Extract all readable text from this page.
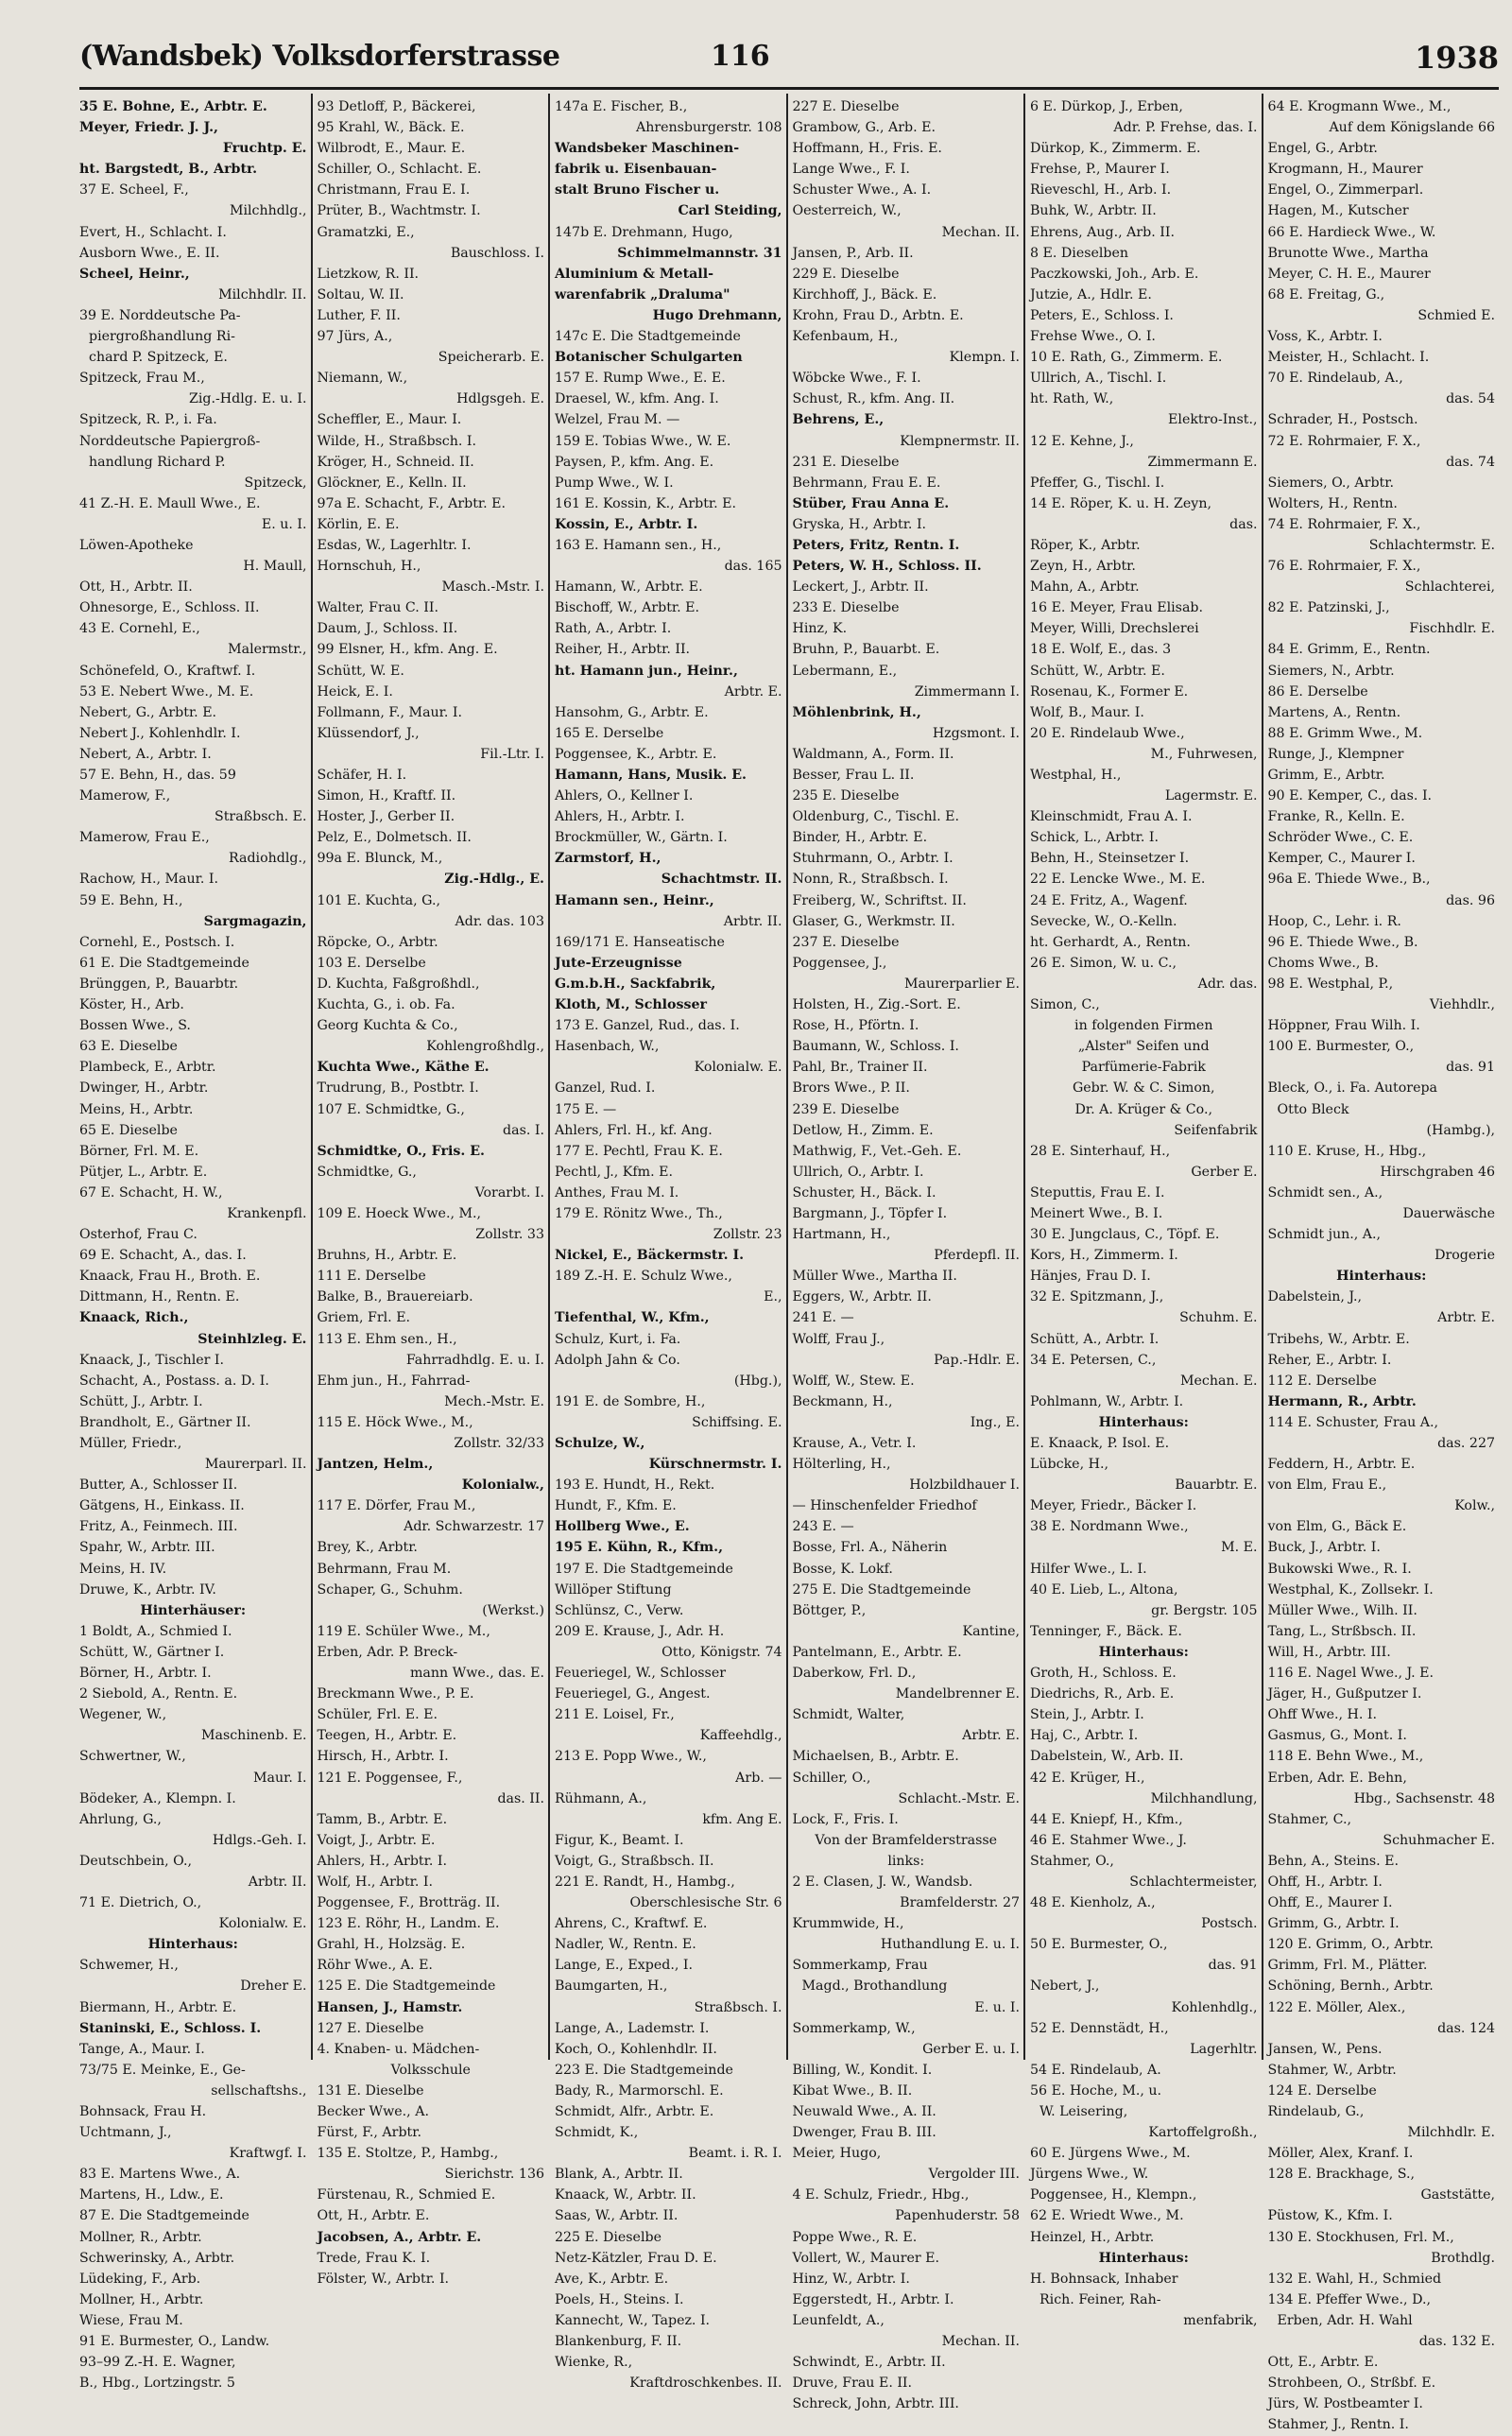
(Wandsbek) Volksdorferstrasse	116	1938
35 E. Bohne, E., Arbtr. E.
Meyer, Friedr. J. J.,
Fruchtp. E.
ht. Bargstedt, B., Arbtr.
37 E. Scheel, F.,
Milchhdlg.,
Evert, H., Schlacht. I.
Ausborn Wwe., E. II.
Scheel, Heinr.,
Milchhdlr. II.
39 E. Norddeutsche Pa-
piergroßhandlung Ri-
chard P. Spitzeck, E.
Spitzeck, Frau M.,
Zig.-Hdlg. E. u. I.
Spitzeck, R. P., i. Fa.
Norddeutsche Papiergroß-
handlung Richard P.
Spitzeck,
41 Z.-H. E. Maull Wwe., E.
E. u. I.
Löwen-Apotheke
H. Maull,
Ott, H., Arbtr. II.
Ohnesorge, E., Schloss. II.
43 E. Cornehl, E.,
Malermstr.,
Schönefeld, O., Kraftwf. I.
53 E. Nebert Wwe., M. E.
Nebert, G., Arbtr. E.
Nebert J., Kohlenhdlr. I.
Nebert, A., Arbtr. I.
57 E. Behn, H., das. 59
Mamerow, F.,
Straßbsch. E.
Mamerow, Frau E.,
Radiohdlg.,
Rachow, H., Maur. I.
59 E. Behn, H.,
Sargmagazin,
Cornehl, E., Postsch. I.
61 E. Die Stadtgemeinde
Brünggen, P., Bauarbtr.
Köster, H., Arb.
Bossen Wwe., S.
63 E. Dieselbe
Plambeck, E., Arbtr.
Dwinger, H., Arbtr.
Meins, H., Arbtr.
65 E. Dieselbe
Börner, Frl. M. E.
Pütjer, L., Arbtr. E.
67 E. Schacht, H. W.,
Krankenpfl.
Osterhof, Frau C.
69 E. Schacht, A., das. I.
Knaack, Frau H., Broth. E.
Dittmann, H., Rentn. E.
Knaack, Rich.,
Steinhlzleg. E.
Knaack, J., Tischler I.
Schacht, A., Postass. a. D. I.
Schütt, J., Arbtr. I.
Brandholt, E., Gärtner II.
Müller, Friedr.,
Maurerparl. II.
Butter, A., Schlosser II.
Gätgens, H., Einkass. II.
Fritz, A., Feinmech. III.
Spahr, W., Arbtr. III.
Meins, H. IV.
Druwe, K., Arbtr. IV.
Hinterhäuser:
1 Boldt, A., Schmied I.
Schütt, W., Gärtner I.
Börner, H., Arbtr. I.
2 Siebold, A., Rentn. E.
Wegener, W.,
Maschinenb. E.
Schwertner, W.,
Maur. I.
Bödeker, A., Klempn. I.
Ahrlung, G.,
Hdlgs.-Geh. I.
Deutschbein, O.,
Arbtr. II.
71 E. Dietrich, O.,
Kolonialw. E.
Hinterhaus:
Schwemer, H.,
Dreher E.
Biermann, H., Arbtr. E.
Staninski, E., Schloss. I.
Tange, A., Maur. I.
73/75 E. Meinke, E., Ge-
sellschaftshs.,
Bohnsack, Frau H.
Uchtmann, J.,
Kraftwgf. I.
83 E. Martens Wwe., A.
Martens, H., Ldw., E.
87 E. Die Stadtgemeinde
Mollner, R., Arbtr.
Schwerinsky, A., Arbtr.
Lüdeking, F., Arb.
Mollner, H., Arbtr.
Wiese, Frau M.
91 E. Burmester, O., Landw.
93–99 Z.-H. E. Wagner,
B., Hbg., Lortzingstr. 5
93 Detloff, P., Bäckerei,
95 Krahl, W., Bäck. E.
Wilbrodt, E., Maur. E.
Schiller, O., Schlacht. E.
Christmann, Frau E. I.
Prüter, B., Wachtmstr. I.
Gramatzki, E.,
Bauschloss. I.
Lietzkow, R. II.
Soltau, W. II.
Luther, F. II.
97 Jürs, A.,
Speicherarb. E.
Niemann, W.,
Hdlgsgeh. E.
Scheffler, E., Maur. I.
Wilde, H., Straßbsch. I.
Kröger, H., Schneid. II.
Glöckner, E., Kelln. II.
97a E. Schacht, F., Arbtr. E.
Körlin, E. E.
Esdas, W., Lagerhltr. I.
Hornschuh, H.,
Masch.-Mstr. I.
Walter, Frau C. II.
Daum, J., Schloss. II.
99 Elsner, H., kfm. Ang. E.
Schütt, W. E.
Heick, E. I.
Follmann, F., Maur. I.
Klüssendorf, J.,
Fil.-Ltr. I.
Schäfer, H. I.
Simon, H., Kraftf. II.
Hoster, J., Gerber II.
Pelz, E., Dolmetsch. II.
99a E. Blunck, M.,
Zig.-Hdlg., E.
101 E. Kuchta, G.,
Adr. das. 103
Röpcke, O., Arbtr.
103 E. Derselbe
D. Kuchta, Faßgroßhdl.,
Kuchta, G., i. ob. Fa.
Georg Kuchta & Co.,
Kohlengroßhdlg.,
Kuchta Wwe., Käthe E.
Trudrung, B., Postbtr. I.
107 E. Schmidtke, G.,
das. I.
Schmidtke, O., Fris. E.
Schmidtke, G.,
Vorarbt. I.
109 E. Hoeck Wwe., M.,
Zollstr. 33
Bruhns, H., Arbtr. E.
111 E. Derselbe
Balke, B., Brauereiarb.
Griem, Frl. E.
113 E. Ehm sen., H.,
Fahrradhdlg. E. u. I.
Ehm jun., H., Fahrrad-
Mech.-Mstr. E.
115 E. Höck Wwe., M.,
Zollstr. 32/33
Jantzen, Helm.,
Kolonialw.,
117 E. Dörfer, Frau M.,
Adr. Schwarzestr. 17
Brey, K., Arbtr.
Behrmann, Frau M.
Schaper, G., Schuhm.
(Werkst.)
119 E. Schüler Wwe., M.,
Erben, Adr. P. Breck-
mann Wwe., das. E.
Breckmann Wwe., P. E.
Schüler, Frl. E. E.
Teegen, H., Arbtr. E.
Hirsch, H., Arbtr. I.
121 E. Poggensee, F.,
das. II.
Tamm, B., Arbtr. E.
Voigt, J., Arbtr. E.
Ahlers, H., Arbtr. I.
Wolf, H., Arbtr. I.
Poggensee, F., Brotträg. II.
123 E. Röhr, H., Landm. E.
Grahl, H., Holzsäg. E.
Röhr Wwe., A. E.
125 E. Die Stadtgemeinde
Hansen, J., Hamstr.
127 E. Dieselbe
4. Knaben- u. Mädchen-
Volksschule
131 E. Dieselbe
Becker Wwe., A.
Fürst, F., Arbtr.
135 E. Stoltze, P., Hambg.,
Sierichstr. 136
Fürstenau, R., Schmied E.
Ott, H., Arbtr. E.
Jacobsen, A., Arbtr. E.
Trede, Frau K. I.
Fölster, W., Arbtr. I.
147a E. Fischer, B.,
Ahrensburgerstr. 108
Wandsbeker Maschinen-
fabrik u. Eisenbauan-
stalt Bruno Fischer u.
Carl Steiding,
147b E. Drehmann, Hugo,
Schimmelmannstr. 31
Aluminium & Metall-
warenfabrik „Draluma"
Hugo Drehmann,
147c E. Die Stadtgemeinde
Botanischer Schulgarten
157 E. Rump Wwe., E. E.
Draesel, W., kfm. Ang. I.
Welzel, Frau M. —
159 E. Tobias Wwe., W. E.
Paysen, P., kfm. Ang. E.
Pump Wwe., W. I.
161 E. Kossin, K., Arbtr. E.
Kossin, E., Arbtr. I.
163 E. Hamann sen., H.,
das. 165
Hamann, W., Arbtr. E.
Bischoff, W., Arbtr. E.
Rath, A., Arbtr. I.
Reiher, H., Arbtr. II.
ht. Hamann jun., Heinr.,
Arbtr. E.
Hansohm, G., Arbtr. E.
165 E. Derselbe
Poggensee, K., Arbtr. E.
Hamann, Hans, Musik. E.
Ahlers, O., Kellner I.
Ahlers, H., Arbtr. I.
Brockmüller, W., Gärtn. I.
Zarmstorf, H.,
Schachtmstr. II.
Hamann sen., Heinr.,
Arbtr. II.
169/171 E. Hanseatische
Jute-Erzeugnisse
G.m.b.H., Sackfabrik,
Kloth, M., Schlosser
173 E. Ganzel, Rud., das. I.
Hasenbach, W.,
Kolonialw. E.
Ganzel, Rud. I.
175 E. —
Ahlers, Frl. H., kf. Ang.
177 E. Pechtl, Frau K. E.
Pechtl, J., Kfm. E.
Anthes, Frau M. I.
179 E. Rönitz Wwe., Th.,
Zollstr. 23
Nickel, E., Bäckermstr. I.
189 Z.-H. E. Schulz Wwe.,
E.,
Tiefenthal, W., Kfm.,
Schulz, Kurt, i. Fa.
Adolph Jahn & Co.
(Hbg.),
191 E. de Sombre, H.,
Schiffsing. E.
Schulze, W.,
Kürschnermstr. I.
193 E. Hundt, H., Rekt.
Hundt, F., Kfm. E.
Hollberg Wwe., E.
195 E. Kühn, R., Kfm.,
197 E. Die Stadtgemeinde
Willöper Stiftung
Schlünsz, C., Verw.
209 E. Krause, J., Adr. H.
Otto, Königstr. 74
Feueriegel, W., Schlosser
Feueriegel, G., Angest.
211 E. Loisel, Fr.,
Kaffeehdlg.,
213 E. Popp Wwe., W.,
Arb. —
Rühmann, A.,
kfm. Ang E.
Figur, K., Beamt. I.
Voigt, G., Straßbsch. II.
221 E. Randt, H., Hambg.,
Oberschlesische Str. 6
Ahrens, C., Kraftwf. E.
Nadler, W., Rentn. E.
Lange, E., Exped., I.
Baumgarten, H.,
Straßbsch. I.
Lange, A., Lademstr. I.
Koch, O., Kohlenhdlr. II.
223 E. Die Stadtgemeinde
Bady, R., Marmorschl. E.
Schmidt, Alfr., Arbtr. E.
Schmidt, K.,
Beamt. i. R. I.
Blank, A., Arbtr. II.
Knaack, W., Arbtr. II.
Saas, W., Arbtr. II.
225 E. Dieselbe
Netz-Kätzler, Frau D. E.
Ave, K., Arbtr. E.
Poels, H., Steins. I.
Kannecht, W., Tapez. I.
Blankenburg, F. II.
Wienke, R.,
Kraftdroschkenbes. II.
227 E. Dieselbe
Grambow, G., Arb. E.
Hoffmann, H., Fris. E.
Lange Wwe., F. I.
Schuster Wwe., A. I.
Oesterreich, W.,
Mechan. II.
Jansen, P., Arb. II.
229 E. Dieselbe
Kirchhoff, J., Bäck. E.
Krohn, Frau D., Arbtn. E.
Kefenbaum, H.,
Klempn. I.
Wöbcke Wwe., F. I.
Schust, R., kfm. Ang. II.
Behrens, E.,
Klempnermstr. II.
231 E. Dieselbe
Behrmann, Frau E. E.
Stüber, Frau Anna E.
Gryska, H., Arbtr. I.
Peters, Fritz, Rentn. I.
Peters, W. H., Schloss. II.
Leckert, J., Arbtr. II.
233 E. Dieselbe
Hinz, K.
Bruhn, P., Bauarbt. E.
Lebermann, E.,
Zimmermann I.
Möhlenbrink, H.,
Hzgsmont. I.
Waldmann, A., Form. II.
Besser, Frau L. II.
235 E. Dieselbe
Oldenburg, C., Tischl. E.
Binder, H., Arbtr. E.
Stuhrmann, O., Arbtr. I.
Nonn, R., Straßbsch. I.
Freiberg, W., Schriftst. II.
Glaser, G., Werkmstr. II.
237 E. Dieselbe
Poggensee, J.,
Maurerparlier E.
Holsten, H., Zig.-Sort. E.
Rose, H., Pförtn. I.
Baumann, W., Schloss. I.
Pahl, Br., Trainer II.
Brors Wwe., P. II.
239 E. Dieselbe
Detlow, H., Zimm. E.
Mathwig, F., Vet.-Geh. E.
Ullrich, O., Arbtr. I.
Schuster, H., Bäck. I.
Bargmann, J., Töpfer I.
Hartmann, H.,
Pferdepfl. II.
Müller Wwe., Martha II.
Eggers, W., Arbtr. II.
241 E. —
Wolff, Frau J.,
Pap.-Hdlr. E.
Wolff, W., Stew. E.
Beckmann, H.,
Ing., E.
Krause, A., Vetr. I.
Hölterling, H.,
Holzbildhauer I.
— Hinschenfelder Friedhof
243 E. —
Bosse, Frl. A., Näherin
Bosse, K. Lokf.
275 E. Die Stadtgemeinde
Böttger, P.,
Kantine,
Pantelmann, E., Arbtr. E.
Daberkow, Frl. D.,
Mandelbrenner E.
Schmidt, Walter,
Arbtr. E.
Michaelsen, B., Arbtr. E.
Schiller, O.,
Schlacht.-Mstr. E.
Lock, F., Fris. I.
Von der Bramfelderstrasse
links:
2 E. Clasen, J. W., Wandsb.
Bramfelderstr. 27
Krummwide, H.,
Huthandlung E. u. I.
Sommerkamp, Frau
Magd., Brothandlung
E. u. I.
Sommerkamp, W.,
Gerber E. u. I.
Billing, W., Kondit. I.
Kibat Wwe., B. II.
Neuwald Wwe., A. II.
Dwenger, Frau B. III.
Meier, Hugo,
Vergolder III.
4 E. Schulz, Friedr., Hbg.,
Papenhuderstr. 58
Poppe Wwe., R. E.
Vollert, W., Maurer E.
Hinz, W., Arbtr. I.
Eggerstedt, H., Arbtr. I.
Leunfeldt, A.,
Mechan. II.
Schwindt, E., Arbtr. II.
Druve, Frau E. II.
Schreck, John, Arbtr. III.
6 E. Dürkop, J., Erben,
Adr. P. Frehse, das. I.
Dürkop, K., Zimmerm. E.
Frehse, P., Maurer I.
Rieveschl, H., Arb. I.
Buhk, W., Arbtr. II.
Ehrens, Aug., Arb. II.
8 E. Dieselben
Paczkowski, Joh., Arb. E.
Jutzie, A., Hdlr. E.
Peters, E., Schloss. I.
Frehse Wwe., O. I.
10 E. Rath, G., Zimmerm. E.
Ullrich, A., Tischl. I.
ht. Rath, W.,
Elektro-Inst.,
12 E. Kehne, J.,
Zimmermann E.
Pfeffer, G., Tischl. I.
14 E. Röper, K. u. H. Zeyn,
das.
Röper, K., Arbtr.
Zeyn, H., Arbtr.
Mahn, A., Arbtr.
16 E. Meyer, Frau Elisab.
Meyer, Willi, Drechslerei
18 E. Wolf, E., das. 3
Schütt, W., Arbtr. E.
Rosenau, K., Former E.
Wolf, B., Maur. I.
20 E. Rindelaub Wwe.,
M., Fuhrwesen,
Westphal, H.,
Lagermstr. E.
Kleinschmidt, Frau A. I.
Schick, L., Arbtr. I.
Behn, H., Steinsetzer I.
22 E. Lencke Wwe., M. E.
24 E. Fritz, A., Wagenf.
Sevecke, W., O.-Kelln.
ht. Gerhardt, A., Rentn.
26 E. Simon, W. u. C.,
Adr. das.
Simon, C.,
in folgenden Firmen
„Alster" Seifen und
Parfümerie-Fabrik
Gebr. W. & C. Simon,
Dr. A. Krüger & Co.,
Seifenfabrik
28 E. Sinterhauf, H.,
Gerber E.
Steputtis, Frau E. I.
Meinert Wwe., B. I.
30 E. Jungclaus, C., Töpf. E.
Kors, H., Zimmerm. I.
Hänjes, Frau D. I.
32 E. Spitzmann, J.,
Schuhm. E.
Schütt, A., Arbtr. I.
34 E. Petersen, C.,
Mechan. E.
Pohlmann, W., Arbtr. I.
Hinterhaus:
E. Knaack, P. Isol. E.
Lübcke, H.,
Bauarbtr. E.
Meyer, Friedr., Bäcker I.
38 E. Nordmann Wwe.,
M. E.
Hilfer Wwe., L. I.
40 E. Lieb, L., Altona,
gr. Bergstr. 105
Tenninger, F., Bäck. E.
Hinterhaus:
Groth, H., Schloss. E.
Diedrichs, R., Arb. E.
Stein, J., Arbtr. I.
Haj, C., Arbtr. I.
Dabelstein, W., Arb. II.
42 E. Krüger, H.,
Milchhandlung,
44 E. Kniepf, H., Kfm.,
46 E. Stahmer Wwe., J.
Stahmer, O.,
Schlachtermeister,
48 E. Kienholz, A.,
Postsch.
50 E. Burmester, O.,
das. 91
Nebert, J.,
Kohlenhdlg.,
52 E. Dennstädt, H.,
Lagerhltr.
54 E. Rindelaub, A.
56 E. Hoche, M., u.
W. Leisering,
Kartoffelgroßh.,
60 E. Jürgens Wwe., M.
Jürgens Wwe., W.
Poggensee, H., Klempn.,
62 E. Wriedt Wwe., M.
Heinzel, H., Arbtr.
Hinterhaus:
H. Bohnsack, Inhaber
Rich. Feiner, Rah-
menfabrik,
64 E. Krogmann Wwe., M.,
Auf dem Königslande 66
Engel, G., Arbtr.
Krogmann, H., Maurer
Engel, O., Zimmerparl.
Hagen, M., Kutscher
66 E. Hardieck Wwe., W.
Brunotte Wwe., Martha
Meyer, C. H. E., Maurer
68 E. Freitag, G.,
Schmied E.
Voss, K., Arbtr. I.
Meister, H., Schlacht. I.
70 E. Rindelaub, A.,
das. 54
Schrader, H., Postsch.
72 E. Rohrmaier, F. X.,
das. 74
Siemers, O., Arbtr.
Wolters, H., Rentn.
74 E. Rohrmaier, F. X.,
Schlachtermstr. E.
76 E. Rohrmaier, F. X.,
Schlachterei,
82 E. Patzinski, J.,
Fischhdlr. E.
84 E. Grimm, E., Rentn.
Siemers, N., Arbtr.
86 E. Derselbe
Martens, A., Rentn.
88 E. Grimm Wwe., M.
Runge, J., Klempner
Grimm, E., Arbtr.
90 E. Kemper, C., das. I.
Franke, R., Kelln. E.
Schröder Wwe., C. E.
Kemper, C., Maurer I.
96a E. Thiede Wwe., B.,
das. 96
Hoop, C., Lehr. i. R.
96 E. Thiede Wwe., B.
Choms Wwe., B.
98 E. Westphal, P.,
Viehhdlr.,
Höppner, Frau Wilh. I.
100 E. Burmester, O.,
das. 91
Bleck, O., i. Fa. Autorepa
Otto Bleck
(Hambg.),
110 E. Kruse, H., Hbg.,
Hirschgraben 46
Schmidt sen., A.,
Dauerwäsche
Schmidt jun., A.,
Drogerie
Hinterhaus:
Dabelstein, J.,
Arbtr. E.
Tribehs, W., Arbtr. E.
Reher, E., Arbtr. I.
112 E. Derselbe
Hermann, R., Arbtr.
114 E. Schuster, Frau A.,
das. 227
Feddern, H., Arbtr. E.
von Elm, Frau E.,
Kolw.,
von Elm, G., Bäck E.
Buck, J., Arbtr. I.
Bukowski Wwe., R. I.
Westphal, K., Zollsekr. I.
Müller Wwe., Wilh. II.
Tang, L., Strßbsch. II.
Will, H., Arbtr. III.
116 E. Nagel Wwe., J. E.
Jäger, H., Gußputzer I.
Ohff Wwe., H. I.
Gasmus, G., Mont. I.
118 E. Behn Wwe., M.,
Erben, Adr. E. Behn,
Hbg., Sachsenstr. 48
Stahmer, C.,
Schuhmacher E.
Behn, A., Steins. E.
Ohff, H., Arbtr. I.
Ohff, E., Maurer I.
Grimm, G., Arbtr. I.
120 E. Grimm, O., Arbtr.
Grimm, Frl. M., Plätter.
Schöning, Bernh., Arbtr.
122 E. Möller, Alex.,
das. 124
Jansen, W., Pens.
Stahmer, W., Arbtr.
124 E. Derselbe
Rindelaub, G.,
Milchhdlr. E.
Möller, Alex, Kranf. I.
128 E. Brackhage, S.,
Gaststätte,
Püstow, K., Kfm. I.
130 E. Stockhusen, Frl. M.,
Brothdlg.
132 E. Wahl, H., Schmied
134 E. Pfeffer Wwe., D.,
Erben, Adr. H. Wahl
das. 132 E.
Ott, E., Arbtr. E.
Strohbeen, O., Strßbf. E.
Jürs, W. Postbeamter I.
Stahmer, J., Rentn. I.
